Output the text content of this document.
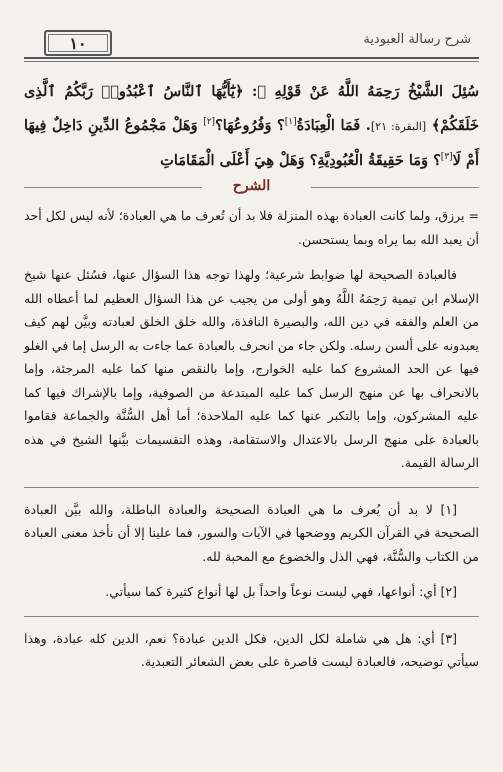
شرح رسالة العبودية
١٠
سُئِلَ الشَّيْخُ رَحِمَهُ اللَّهُ عَنْ قَوْلِهِ ﷻ: ﴿يَٰٓأَيُّهَا ٱلنَّاسُ ٱعْبُدُوا۟ رَبَّكُمُ ٱلَّذِى خَلَقَكُمْ﴾ [البقرة: ٢١]. فَمَا الْعِبَادَةُ[١]؟ وَفُرُوعُهَا؟[٢] وَهَلْ مَجْمُوعُ الدِّينِ دَاخِلٌ فِيهَا أَمْ لَا[٣]؟ وَمَا حَقِيقَةُ الْعُبُودِيَّةِ؟ وَهَلْ هِيَ أَعْلَى الْمَقَامَاتِ
الشرح

= يرزق، ولما كانت العبادة بهذه المنزلة فلا بد أن تُعرف ما هي العبادة؛ لأنه ليس لكل أحد أن يعبد الله بما يراه وبما يستحسن.

فالعبادة الصحيحة لها ضوابط شرعية؛ ولهذا توجه هذا السؤال عنها، فسُئل عنها شيخ الإسلام ابن تيمية رَحِمَهُ اللَّهُ وهو أولى من يجيب عن هذا السؤال العظيم لما أعطاه الله من العلم والفقه في دين الله، والبصيرة النافذة، والله خلق الخلق لعبادته وبيَّن لهم كيف يعبدونه على ألسن رسله. ولكن جاء من انحرف بالعبادة عما جاءت به الرسل إما في الغلو فيها عن الحد المشروع كما عليه الخوارج، وإما بالنقص منها كما عليه المرجئة، وإما بالانحراف بها عن منهج الرسل كما عليه المبتدعة من الصوفية، وإما بالإشراك فيها كما عليه المشركون، وإما بالتكبر عنها كما عليه الملاحدة؛ أما أهل السُّنَّة والجماعة فقاموا بالعبادة على منهج الرسل بالاعتدال والاستقامة، وهذه التقسيمات بيَّنها الشيخ في هذه الرسالة القيمة.

[١] لا بد أن يُعرف ما هي العبادة الصحيحة والعبادة الباطلة، والله بيَّن العبادة الصحيحة في القرآن الكريم ووضحها في الآيات والسور، فما علينا إلا أن نأخذ معنى العبادة من الكتاب والسُّنَّة، فهي الذل والخضوع مع المحبة لله.

[٢] أي: أنواعها، فهي ليست نوعاً واحداً بل لها أنواع كثيرة كما سيأتي.

[٣] أي: هل هي شاملة لكل الدين، فكل الدين عبادة؟ نعم، الدين كله عبادة، وهذا سيأتي توضيحه، فالعبادة ليست قاصرة على بعض الشعائر التعبدية.
